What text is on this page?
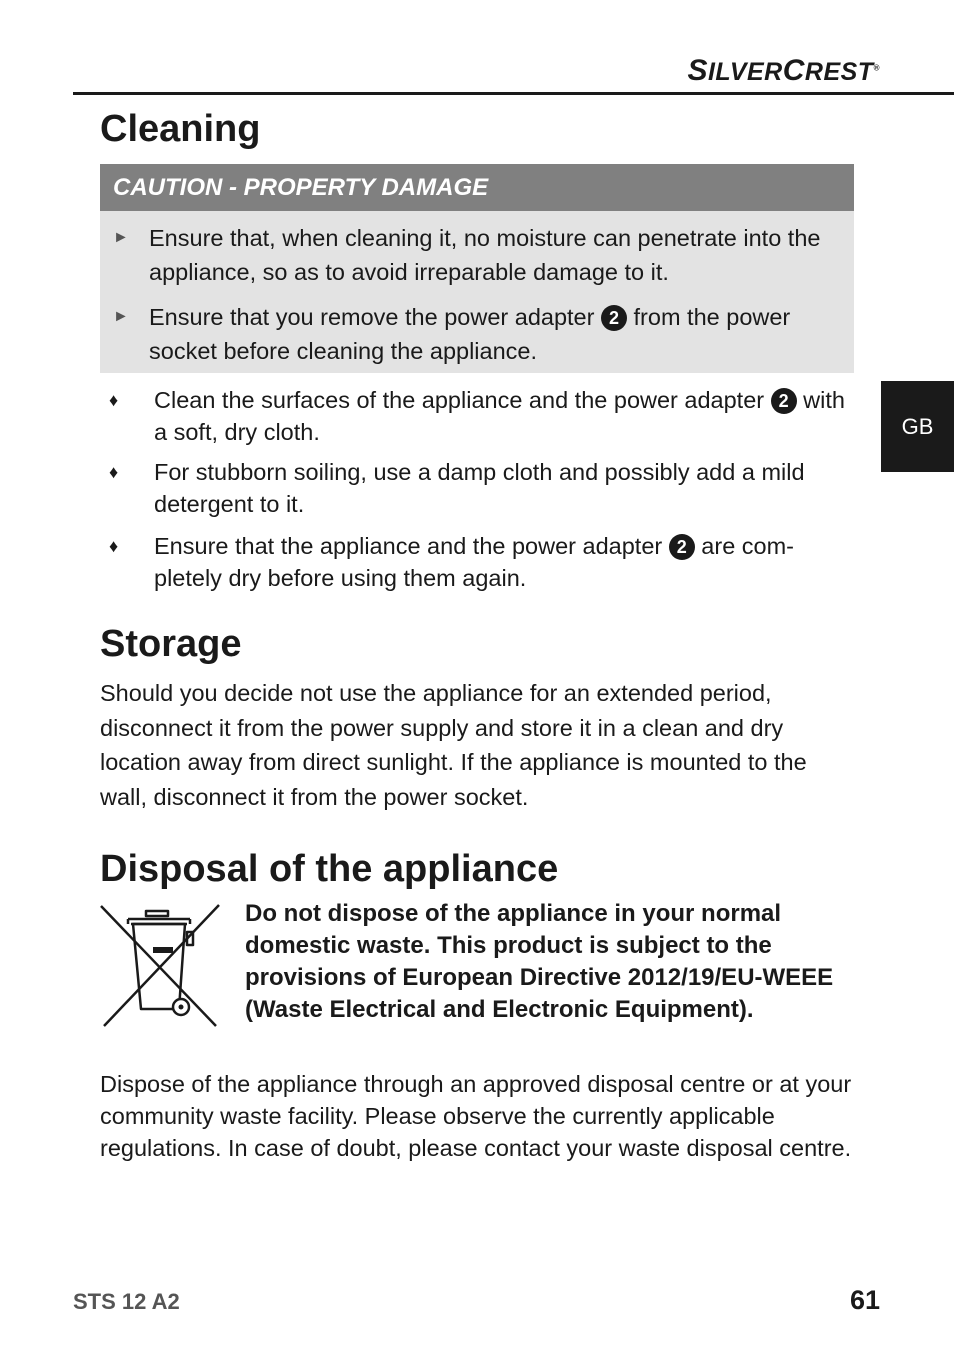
SILVERCREST®
GB
Cleaning
CAUTION - PROPERTY DAMAGE
► Ensure that, when cleaning it, no moisture can penetrate into the appliance, so as to avoid irreparable damage to it.
► Ensure that you remove the power adapter 2 from the power socket before cleaning the appliance.
♦ Clean the surfaces of the appliance and the power adapter 2 with a soft, dry cloth.
♦ For stubborn soiling, use a damp cloth and possibly add a mild detergent to it.
♦ Ensure that the appliance and the power adapter 2 are com-pletely dry before using them again.
Storage

Should you decide not use the appliance for an extended period, disconnect it from the power supply and store it in a clean and dry location away from direct sunlight. If the appliance is mounted to the wall, disconnect it from the power socket.

Disposal of the appliance

Do not dispose of the appliance in your normal domestic waste. This product is subject to the provisions of European Directive 2012/19/EU-WEEE (Waste Electrical and Electronic Equipment).

Dispose of the appliance through an approved disposal centre or at your community waste facility. Please observe the currently applicable regulations. In case of doubt, please contact your waste disposal centre.

STS 12 A2	61
